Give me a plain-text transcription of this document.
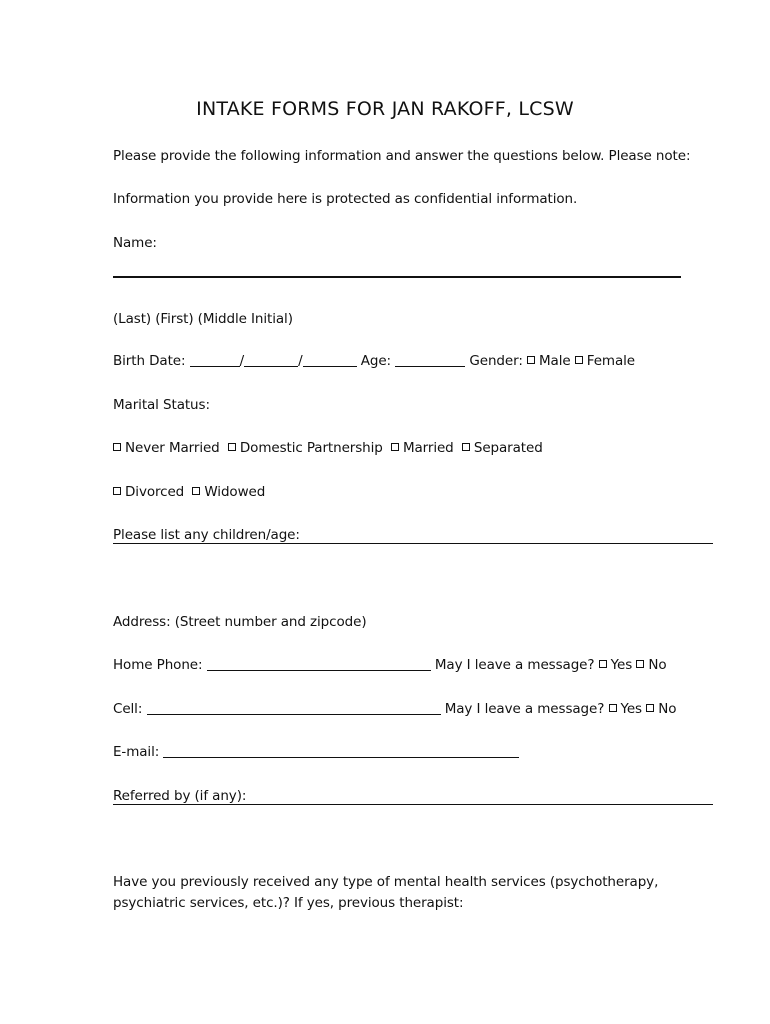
INTAKE FORMS FOR JAN RAKOFF, LCSW
Please provide the following information and answer the questions below. Please note:
Information you provide here is protected as confidential information.
Name:
(Last) (First) (Middle Initial)
Birth Date:	/	/	Age:	Gender: Male Female
Marital Status:
Never Married Domestic Partnership Married Separated
Divorced Widowed
Please list any children/age:
Address: (Street number and zipcode)
Home Phone:	May I leave a message? Yes No
Cell:	May I leave a message? Yes No
E-mail:
Referred by (if any):
Have you previously received any type of mental health services (psychotherapy, psychiatric services, etc.)? If yes, previous therapist:
